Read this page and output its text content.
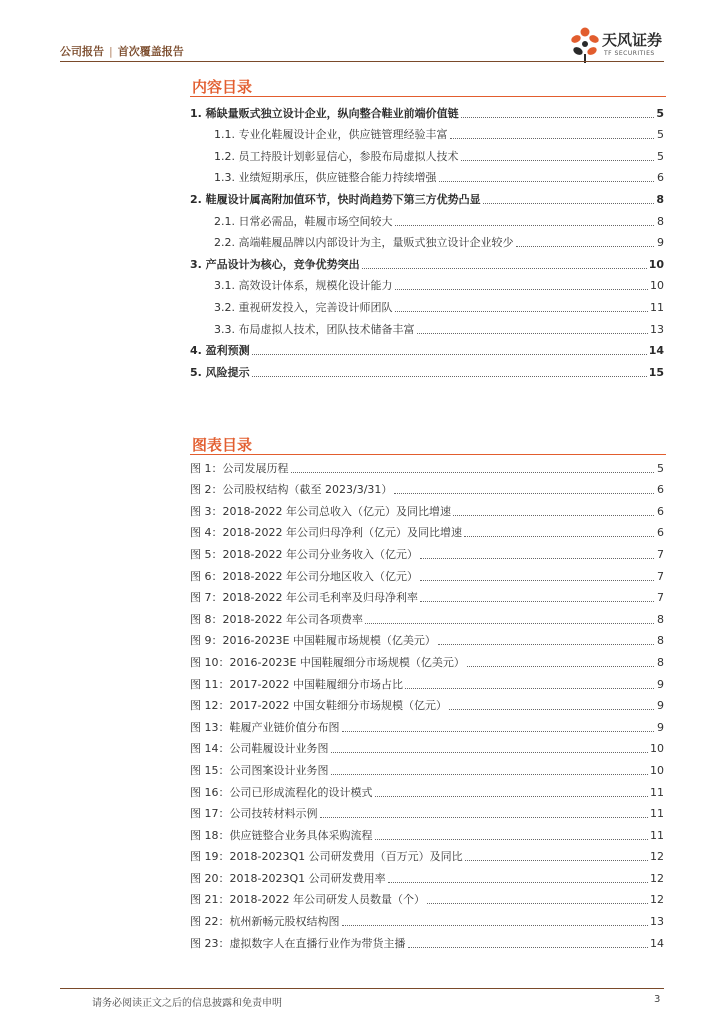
公司报告 | 首次覆盖报告
天风证券
TF SECURITIES
内容目录
1. 稀缺量贩式独立设计企业，纵向整合鞋业前端价值链	5
1.1. 专业化鞋履设计企业，供应链管理经验丰富	5
1.2. 员工持股计划彰显信心，参股布局虚拟人技术	5
1.3. 业绩短期承压，供应链整合能力持续增强	6
2. 鞋履设计属高附加值环节，快时尚趋势下第三方优势凸显	8
2.1. 日常必需品，鞋履市场空间较大	8
2.2. 高端鞋履品牌以内部设计为主，量贩式独立设计企业较少	9
3. 产品设计为核心，竞争优势突出	10
3.1. 高效设计体系，规模化设计能力	10
3.2. 重视研发投入，完善设计师团队	11
3.3. 布局虚拟人技术，团队技术储备丰富	13
4. 盈利预测	14
5. 风险提示	15
图表目录
图 1：公司发展历程	5
图 2：公司股权结构（截至 2023/3/31）	6
图 3：2018-2022 年公司总收入（亿元）及同比增速	6
图 4：2018-2022 年公司归母净利（亿元）及同比增速	6
图 5：2018-2022 年公司分业务收入（亿元）	7
图 6：2018-2022 年公司分地区收入（亿元）	7
图 7：2018-2022 年公司毛利率及归母净利率	7
图 8：2018-2022 年公司各项费率	8
图 9：2016-2023E 中国鞋履市场规模（亿美元）	8
图 10：2016-2023E 中国鞋履细分市场规模（亿美元）	8
图 11：2017-2022 中国鞋履细分市场占比	9
图 12：2017-2022 中国女鞋细分市场规模（亿元）	9
图 13：鞋履产业链价值分布图	9
图 14：公司鞋履设计业务图	10
图 15：公司图案设计业务图	10
图 16：公司已形成流程化的设计模式	11
图 17：公司技转材料示例	11
图 18：供应链整合业务具体采购流程	11
图 19：2018-2023Q1 公司研发费用（百万元）及同比	12
图 20：2018-2023Q1 公司研发费用率	12
图 21：2018-2022 年公司研发人员数量（个）	12
图 22：杭州新畅元股权结构图	13
图 23：虚拟数字人在直播行业作为带货主播	14
请务必阅读正文之后的信息披露和免责申明	3
